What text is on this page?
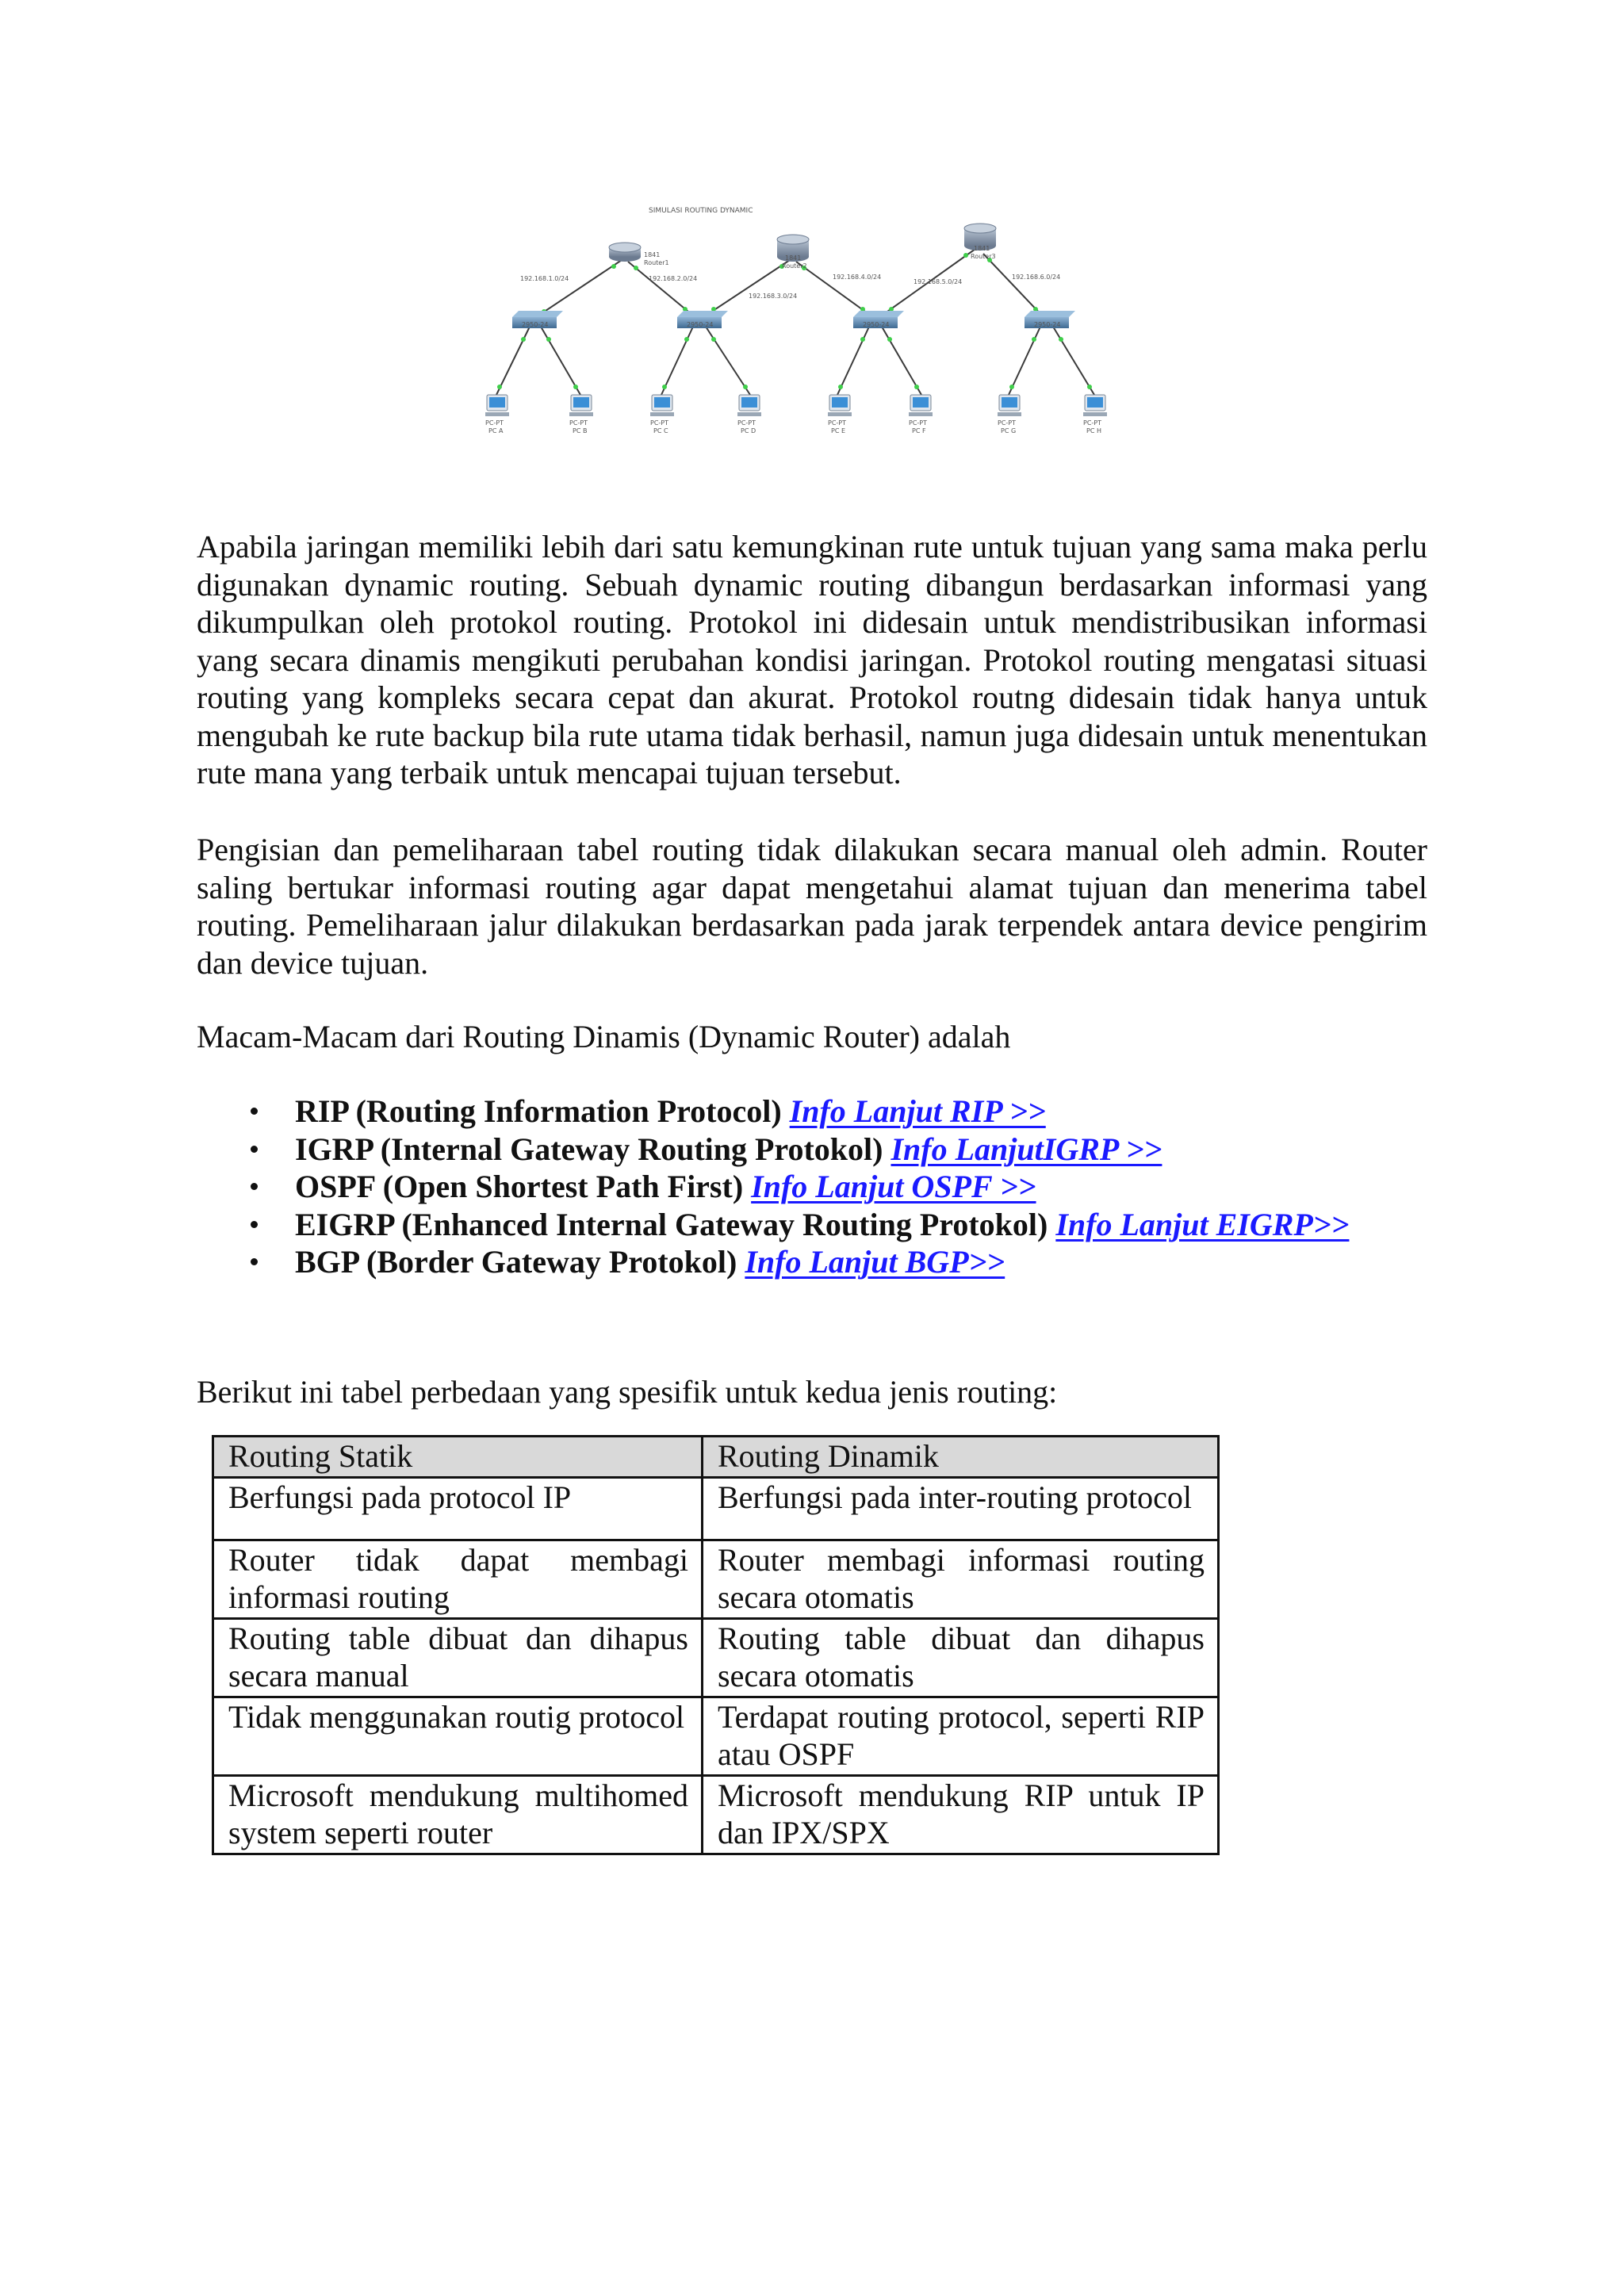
SIMULASI ROUTING DYNAMIC
192.168.1.0/24	192.168.2.0/24
192.168.3.0/24
192.168.4.0/24
192.168.5.0/24
192.168.6.0/24
1841
Router1
1841
Router2
1841
Router3
2950-24	2950-24	2950-24	2950-24
PC-PT
PC A
PC-PT
PC B
PC-PT
PC C
PC-PT
PC D
PC-PT
PC E
PC-PT
PC F
PC-PT
PC G
PC-PT
PC H

Apabila jaringan memiliki lebih dari satu kemungkinan rute untuk tujuan yang sama maka perlu digunakan dynamic routing. Sebuah dynamic routing dibangun berdasarkan informasi yang dikumpulkan oleh protokol routing. Protokol ini didesain untuk mendistribusikan informasi yang secara dinamis mengikuti perubahan kondisi jaringan. Protokol routing mengatasi situasi routing yang kompleks secara cepat dan akurat. Protokol routng didesain tidak hanya untuk mengubah ke rute backup bila rute utama tidak berhasil, namun juga didesain untuk menentukan rute mana yang terbaik untuk mencapai tujuan tersebut.

Pengisian dan pemeliharaan tabel routing tidak dilakukan secara manual oleh admin. Router saling bertukar informasi routing agar dapat mengetahui alamat tujuan dan menerima tabel routing. Pemeliharaan jalur dilakukan berdasarkan pada jarak terpendek antara device pengirim dan device tujuan.

Macam-Macam dari Routing Dinamis (Dynamic Router) adalah

RIP (Routing Information Protocol) Info Lanjut RIP >>
IGRP (Internal Gateway Routing Protokol) Info LanjutIGRP >>
OSPF (Open Shortest Path First) Info Lanjut OSPF >>
EIGRP (Enhanced Internal Gateway Routing Protokol) Info Lanjut EIGRP>>
BGP (Border Gateway Protokol) Info Lanjut BGP>>

Berikut ini tabel perbedaan yang spesifik untuk kedua jenis routing:

Routing Statik	Routing Dinamik
Berfungsi pada protocol IP	Berfungsi pada inter-routing protocol
Router tidak dapat membagi informasi routing	Router membagi informasi routing secara otomatis
Routing table dibuat dan dihapus secara manual	Routing table dibuat dan dihapus secara otomatis
Tidak menggunakan routig protocol	Terdapat routing protocol, seperti RIP atau OSPF
Microsoft mendukung multihomed system seperti router	Microsoft mendukung RIP untuk IP dan IPX/SPX
